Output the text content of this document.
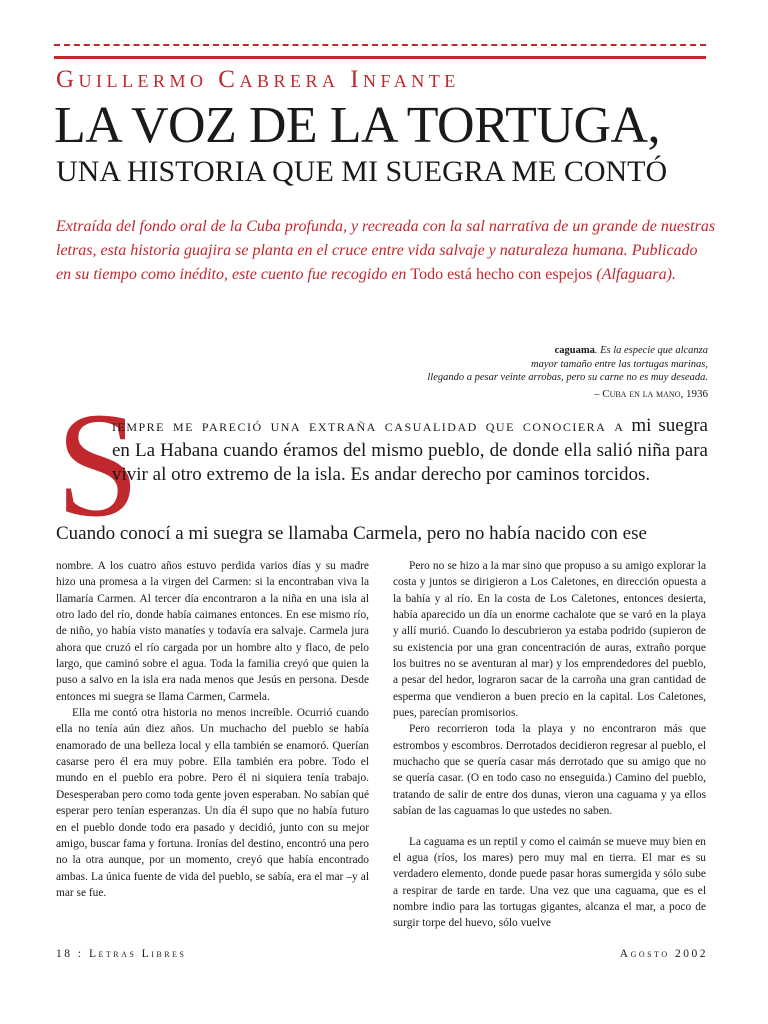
Guillermo Cabrera Infante
LA VOZ DE LA TORTUGA,
UNA HISTORIA QUE MI SUEGRA ME CONTÓ

Extraída del fondo oral de la Cuba profunda, y recreada con la sal narrativa de un grande de nuestras letras, esta historia guajira se planta en el cruce entre vida salvaje y naturaleza humana. Publicado en su tiempo como inédito, este cuento fue recogido en Todo está hecho con espejos (Alfaguara).

caguama. Es la especie que alcanza
mayor tamaño entre las tortugas marinas,
llegando a pesar veinte arrobas, pero su carne no es muy deseada.
– Cuba en la mano, 1936
S
iempre me pareció una extraña casualidad que conociera a mi suegra en La Habana cuando éramos del mismo pueblo, de donde ella salió niña para vivir al otro extremo de la isla. Es andar derecho por caminos torcidos.
Cuando conocí a mi suegra se llamaba Carmela, pero no había nacido con ese

nombre. A los cuatro años estuvo perdida varios días y su madre hizo una promesa a la virgen del Carmen: si la encontraban viva la llamaría Carmen. Al tercer día encontraron a la niña en una isla al otro lado del río, donde había caimanes entonces. En ese mismo río, de niño, yo había visto manatíes y todavía era salvaje. Carmela jura ahora que cruzó el río cargada por un hombre alto y flaco, de pelo largo, que caminó sobre el agua. Toda la familia creyó que quien la puso a salvo en la isla era nada menos que Jesús en persona. Desde entonces mi suegra se llama Carmen, Carmela.

Ella me contó otra historia no menos increíble. Ocurrió cuando ella no tenía aún diez años. Un muchacho del pueblo se había enamorado de una belleza local y ella también se enamoró. Querían casarse pero él era muy pobre. Ella también era pobre. Todo el mundo en el pueblo era pobre. Pero él ni siquiera tenía trabajo. Desesperaban pero como toda gente joven esperaban. No sabían qué esperar pero tenían esperanzas. Un día él supo que no había futuro en el pueblo donde todo era pasado y decidió, junto con su mejor amigo, buscar fama y fortuna. Ironías del destino, encontró una pero no la otra aunque, por un momento, creyó que había encontrado ambas. La única fuente de vida del pueblo, se sabía, era el mar –y al mar se fue.

Pero no se hizo a la mar sino que propuso a su amigo explorar la costa y juntos se dirigieron a Los Caletones, en dirección opuesta a la bahía y al río. En la costa de Los Caletones, entonces desierta, había aparecido un día un enorme cachalote que se varó en la playa y allí murió. Cuando lo descubrieron ya estaba podrido (supieron de su existencia por una gran concentración de auras, extraño porque los buitres no se aventuran al mar) y los emprendedores del pueblo, a pesar del hedor, lograron sacar de la carroña una gran cantidad de esperma que vendieron a buen precio en la capital. Los Caletones, pues, parecían promisorios.

Pero recorrieron toda la playa y no encontraron más que estrombos y escombros. Derrotados decidieron regresar al pueblo, el muchacho que se quería casar más derrotado que su amigo que no se quería casar. (O en todo caso no enseguida.) Camino del pueblo, tratando de salir de entre dos dunas, vieron una caguama y ya ellos sabían de las caguamas lo que ustedes no saben.

La caguama es un reptil y como el caimán se mueve muy bien en el agua (ríos, los mares) pero muy mal en tierra. El mar es su verdadero elemento, donde puede pasar horas sumergida y sólo sube a respirar de tarde en tarde. Una vez que una caguama, que es el nombre indio para las tortugas gigantes, alcanza el mar, a poco de surgir torpe del huevo, sólo vuelve

18 : Letras Libres	Agosto 2002
